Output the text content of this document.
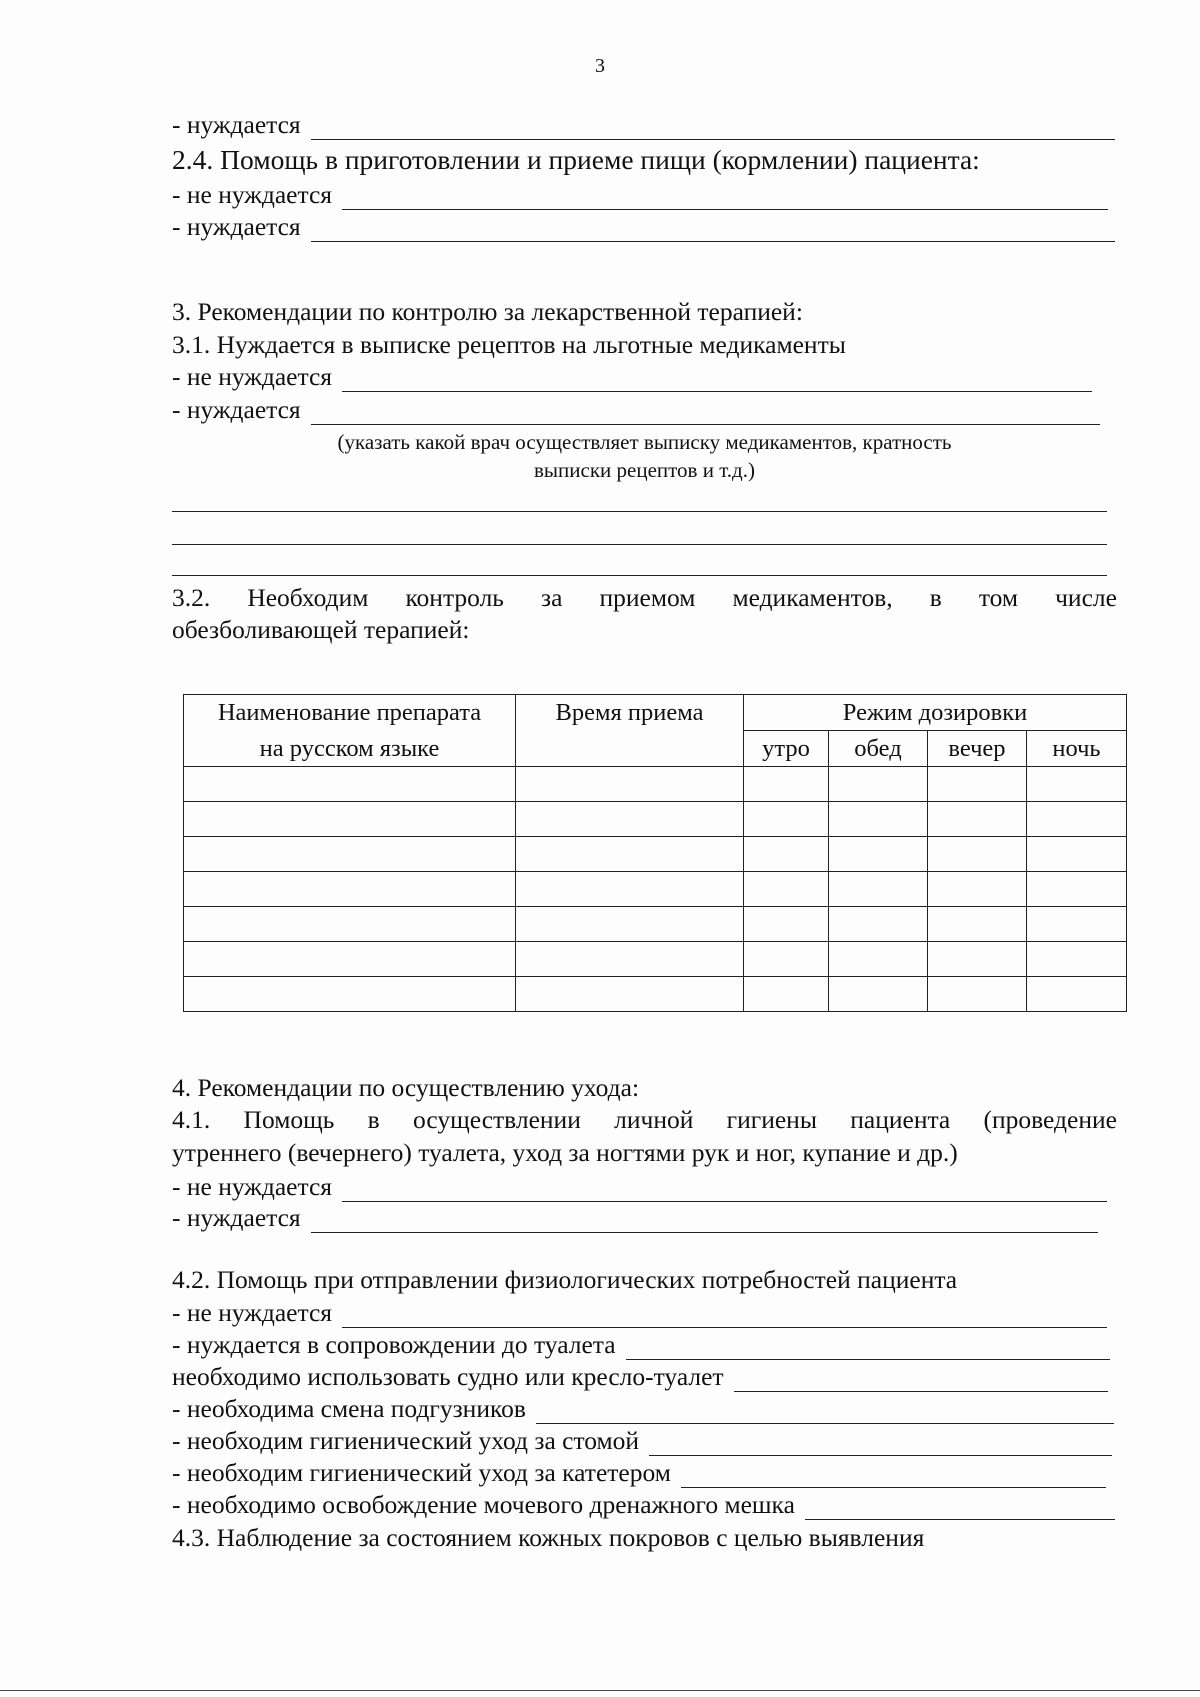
3
- нуждается
2.4. Помощь в приготовлении и приеме пищи (кормлении) пациента:
- не нуждается
- нуждается
3. Рекомендации по контролю за лекарственной терапией:
3.1. Нуждается в выписке рецептов на льготные медикаменты
- не нуждается
- нуждается
(указать какой врач осуществляет выписку медикаментов, кратность
выписки рецептов и т.д.)
3.2. Необходим контроль за приемом медикаментов, в том числе
обезболивающей терапией:
Наименование препарата
на русском языке	Время приема	Режим дозировки			
		утро	обед	вечер	ночь

4. Рекомендации по осуществлению ухода:
4.1. Помощь в осуществлении личной гигиены пациента (проведение
утреннего (вечернего) туалета, уход за ногтями рук и ног, купание и др.)
- не нуждается
- нуждается
4.2. Помощь при отправлении физиологических потребностей пациента
- не нуждается
- нуждается в сопровождении до туалета
необходимо использовать судно или кресло-туалет
- необходима смена подгузников
- необходим гигиенический уход за стомой
- необходим гигиенический уход за катетером
- необходимо освобождение мочевого дренажного мешка
4.3. Наблюдение за состоянием кожных покровов с целью выявления
